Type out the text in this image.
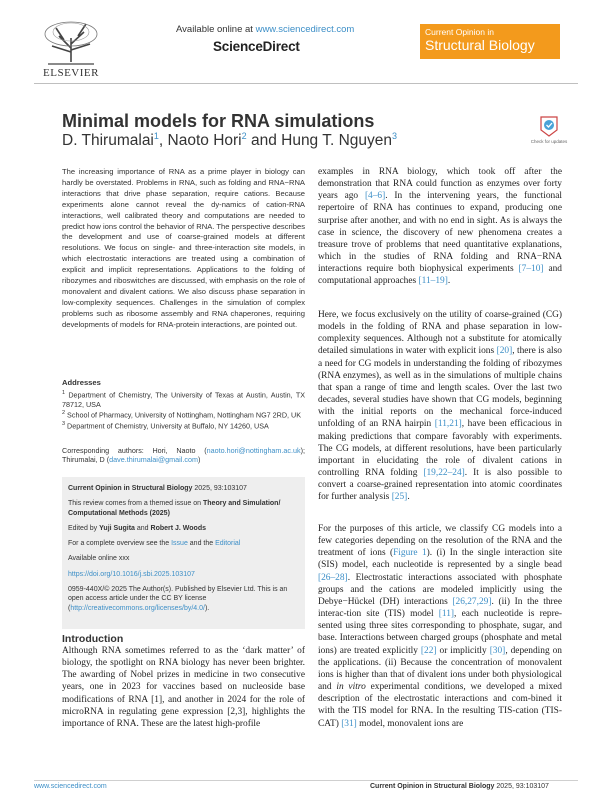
ELSEVIER
Available online at www.sciencedirect.com
ScienceDirect
Current Opinion in
Structural Biology
Minimal models for RNA simulations
D. Thirumalai$^1$, Naoto Hori$^2$ and Hung T. Nguyen$^3$
Check for updates
The increasing importance of RNA as a prime player in biology can hardly be overstated. Problems in RNA, such as folding and RNA−RNA interactions that drive phase separation, require cations. Because experiments alone cannot reveal the dy-namics of cation-RNA interactions, well calibrated theory and computations are needed to predict how ions control the behavior of RNA. The perspective describes the development and use of coarse-grained models at different resolutions. We focus on single- and three-interaction site models, in which electrostatic interactions are treated using a combination of explicit and implicit representations. Applications to the folding of ribozymes and riboswitches are discussed, with emphasis on the role of monovalent and divalent cations. We also discuss phase separation in low-complexity sequences. Challenges in the simulation of complex problems such as ribosome assembly and RNA chaperones, requiring developments of models for RNA-protein interactions, are pointed out.
Addresses
$^1$ Department of Chemistry, The University of Texas at Austin, Austin, TX 78712, USA
$^2$ School of Pharmacy, University of Nottingham, Nottingham NG7 2RD, UK
$^3$ Department of Chemistry, University at Buffalo, NY 14260, USA
Corresponding authors: Hori, Naoto (naoto.hori@nottingham.ac.uk); Thirumalai, D (dave.thirumalai@gmail.com)
Current Opinion in Structural Biology 2025, 93:103107
This review comes from a themed issue on Theory and Simulation/ Computational Methods (2025)
Edited by Yuji Sugita and Robert J. Woods
For a complete overview see the Issue and the Editorial
Available online xxx
https://doi.org/10.1016/j.sbi.2025.103107
0959-440X/© 2025 The Author(s). Published by Elsevier Ltd. This is an open access article under the CC BY license (http://creativecommons.org/licenses/by/4.0/).
Introduction
Although RNA sometimes referred to as the ‘dark matter’ of biology, the spotlight on RNA biology has never been brighter. The awarding of Nobel prizes in medicine in two consecutive years, one in 2023 for vaccines based on nucleoside base modifications of RNA [1], and another in 2024 for the role of microRNA in regulating gene expression [2,3], highlights the importance of RNA. These are the latest high-profile
examples in RNA biology, which took off after the demonstration that RNA could function as enzymes over forty years ago [4–6]. In the intervening years, the functional repertoire of RNA has continues to expand, producing one surprise after another, and with no end in sight. As is always the case in science, the discovery of new phenomena creates a treasure trove of problems that need quantitative explanations, which in the studies of RNA folding and RNA−RNA interactions require both biophysical experiments [7–10] and computational approaches [11–19].
Here, we focus exclusively on the utility of coarse-grained (CG) models in the folding of RNA and phase separation in low-complexity sequences. Although not a substitute for atomically detailed simulations in water with explicit ions [20], there is also a need for CG models in understanding the folding of ribozymes (RNA enzymes), as well as in the simulations of multiple chains that span a range of time and length scales. Over the last two decades, several studies have shown that CG models, beginning with the initial reports on the mechanical force-induced unfolding of an RNA hairpin [11,21], have been efficacious in making predictions that compare favorably with experiments. The CG models, at different resolutions, have been particularly important in elucidating the role of divalent cations in controlling RNA folding [19,22–24]. It is also possible to convert a coarse-grained representation into atomic coordinates for further analysis [25].
For the purposes of this article, we classify CG models into a few categories depending on the resolution of the RNA and the treatment of ions (Figure 1). (i) In the single interaction site (SIS) model, each nucleotide is represented by a single bead [26–28]. Electrostatic interactions associated with phosphate groups and the cations are modeled implicitly using the Debye−Hückel (DH) interactions [26,27,29]. (ii) In the three interac-tion site (TIS) model [11], each nucleotide is repre-sented using three sites corresponding to phosphate, sugar, and base. Interactions between charged groups (phosphate and metal ions) are treated explicitly [22] or implicitly [30], depending on the applications. (ii) Because the concentration of monovalent ions is higher than that of divalent ions under both physiological and in vitro experimental conditions, we developed a mixed description of the electrostatic interactions and com-bined it with the TIS model for RNA. In the resulting TIS-cation (TIS-CAT) [31] model, monovalent ions are
www.sciencedirect.com	Current Opinion in Structural Biology 2025, 93:103107
